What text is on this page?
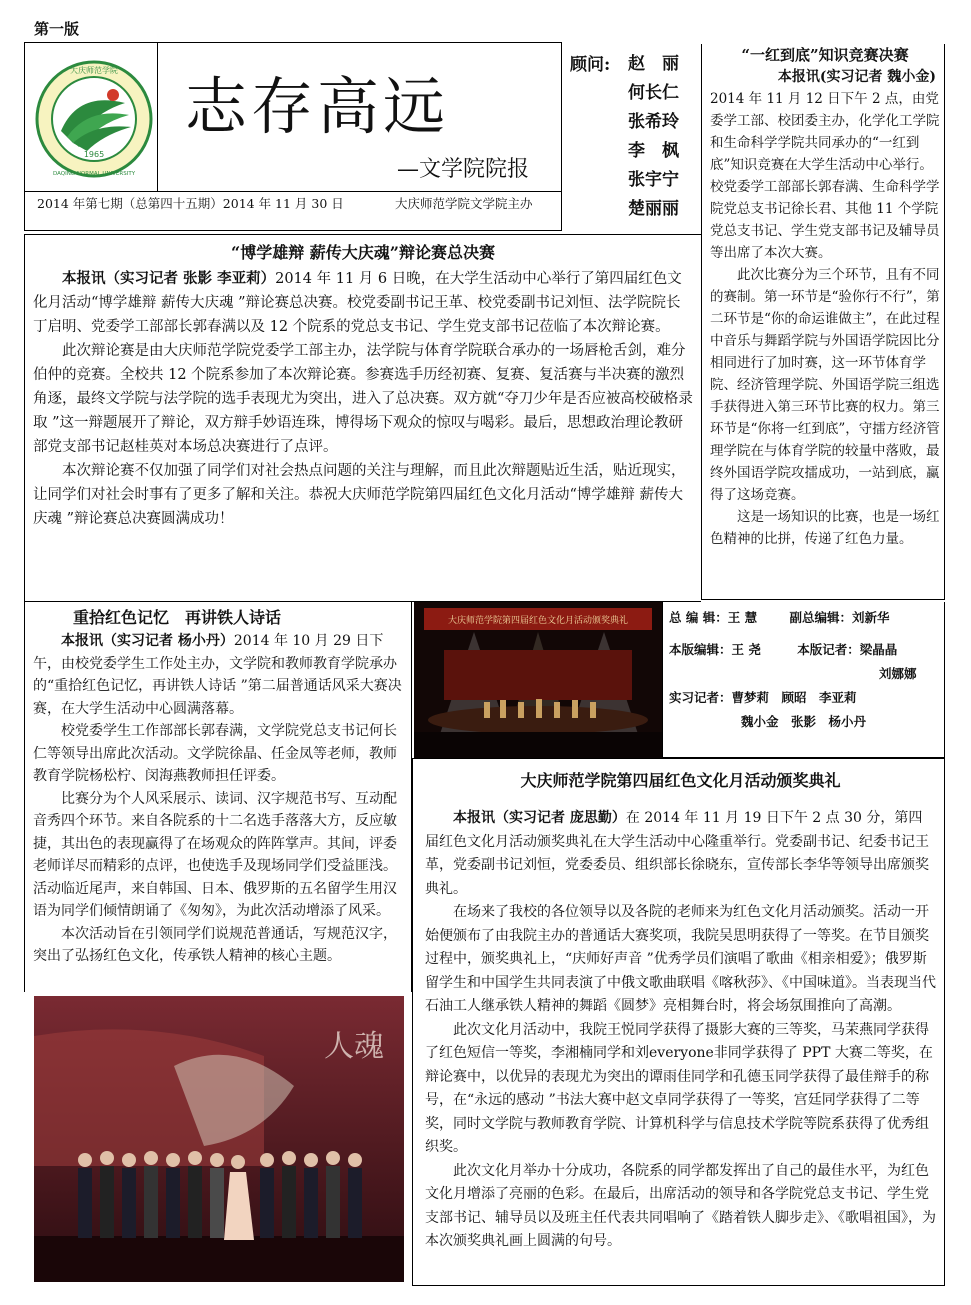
第一版
1965
大庆师范学院
DAQING NORMAL UNIVERSITY
志存高远
—文学院院报
2014 年第七期（总第四十五期）2014 年 11 月 30 日	大庆师范学院文学院主办
顾问: 赵　丽
何长仁
张希玲
李　枫
张宇宁
楚丽丽
“一红到底”知识竞赛决赛
本报讯(实习记者 魏小金)

2014 年 11 月 12 日下午 2 点，由党委学工部、校团委主办，化学化工学院和生命科学学院共同承办的“一红到底”知识竞赛在大学生活动中心举行。校党委学工部部长郭春满、生命科学学院党总支书记徐长君、其他 11 个学院党总支书记、学生党支部书记及辅导员等出席了本次大赛。

此次比赛分为三个环节，且有不同的赛制。第一环节是“验你行不行”，第二环节是“你的命运谁做主”，在此过程中音乐与舞蹈学院与外国语学院因比分相同进行了加时赛，这一环节体育学院、经济管理学院、外国语学院三组选手获得进入第三环节比赛的权力。第三环节是“你将一红到底”，守擂方经济管理学院在与体育学院的较量中落败，最终外国语学院攻擂成功，一站到底，赢得了这场竞赛。

这是一场知识的比赛，也是一场红色精神的比拼，传递了红色力量。

“博学雄辩 薪传大庆魂”辩论赛总决赛

本报讯（实习记者 张影 李亚莉）2014 年 11 月 6 日晚，在大学生活动中心举行了第四届红色文化月活动“博学雄辩 薪传大庆魂 ”辩论赛总决赛。校党委副书记王革、校党委副书记刘恒、法学院院长丁启明、党委学工部部长郭春满以及 12 个院系的党总支书记、学生党支部书记莅临了本次辩论赛。

此次辩论赛是由大庆师范学院党委学工部主办，法学院与体育学院联合承办的一场唇枪舌剑，难分伯仲的竞赛。全校共 12 个院系参加了本次辩论赛。参赛选手历经初赛、复赛、复活赛与半决赛的激烈角逐，最终文学院与法学院的选手表现尤为突出，进入了总决赛。双方就“夺刀少年是否应被高校破格录取 ”这一辩题展开了辩论，双方辩手妙语连珠，博得场下观众的惊叹与喝彩。最后，思想政治理论教研部党支部书记赵桂英对本场总决赛进行了点评。

本次辩论赛不仅加强了同学们对社会热点问题的关注与理解，而且此次辩题贴近生活，贴近现实，让同学们对社会时事有了更多了解和关注。恭祝大庆师范学院第四届红色文化月活动“博学雄辩 薪传大庆魂 ”辩论赛总决赛圆满成功！

重拾红色记忆　再讲铁人诗话

本报讯（实习记者 杨小丹）2014 年 10 月 29 日下午，由校党委学生工作处主办，文学院和教师教育学院承办的“重拾红色记忆，再讲铁人诗话 ”第二届普通话风采大赛决赛，在大学生活动中心圆满落幕。

校党委学生工作部部长郭春满，文学院党总支书记何长仁等领导出席此次活动。文学院徐晶、任金凤等老师，教师教育学院杨松柠、闵海燕教师担任评委。

比赛分为个人风采展示、读词、汉字规范书写、互动配音秀四个环节。来自各院系的十二名选手落落大方，反应敏捷，其出色的表现赢得了在场观众的阵阵掌声。其间，评委老师详尽而精彩的点评，也使选手及现场同学们受益匪浅。活动临近尾声，来自韩国、日本、俄罗斯的五名留学生用汉语为同学们倾情朗诵了《匆匆》，为此次活动增添了风采。

本次活动旨在引领同学们说规范普通话，写规范汉字，突出了弘扬红色文化，传承铁人精神的核心主题。

大庆师范学院第四届红色文化月活动颁奖典礼	总 编 辑：王 慧	副总编辑：刘新华
本版编辑：王 尧	本版记者：梁晶晶
刘娜娜
实习记者：曹梦莉　顾昭　李亚莉
魏小金　张影　杨小丹
大庆师范学院第四届红色文化月活动颁奖典礼

本报讯（实习记者 庞思勤）在 2014 年 11 月 19 日下午 2 点 30 分，第四届红色文化月活动颁奖典礼在大学生活动中心隆重举行。党委副书记、纪委书记王革，党委副书记刘恒，党委委员、组织部长徐晓东，宣传部长李华等领导出席颁奖典礼。

在场来了我校的各位领导以及各院的老师来为红色文化月活动颁奖。活动一开始便颁布了由我院主办的普通话大赛奖项，我院吴思明获得了一等奖。在节目颁奖过程中，颁奖典礼上，“庆师好声音 ”优秀学员们演唱了歌曲《相亲相爱》；俄罗斯留学生和中国学生共同表演了中俄文歌曲联唱《喀秋莎》、《中国味道》。当表现当代石油工人继承铁人精神的舞蹈《圆梦》亮相舞台时，将会场氛围推向了高潮。

此次文化月活动中，我院王悦同学获得了摄影大赛的三等奖，马茉燕同学获得了红色短信一等奖，李湘楠同学和刘everyone非同学获得了 PPT 大赛二等奖，在辩论赛中，以优异的表现尤为突出的谭雨佳同学和孔德玉同学获得了最佳辩手的称号，在“永远的感动 ”书法大赛中赵文卓同学获得了一等奖，宫廷同学获得了二等奖，同时文学院与教师教育学院、计算机科学与信息技术学院等院系获得了优秀组织奖。

此次文化月举办十分成功，各院系的同学都发挥出了自己的最佳水平，为红色文化月增添了亮丽的色彩。在最后，出席活动的领导和各学院党总支书记、学生党支部书记、辅导员以及班主任代表共同唱响了《踏着铁人脚步走》、《歌唱祖国》，为本次颁奖典礼画上圆满的句号。

人魂
